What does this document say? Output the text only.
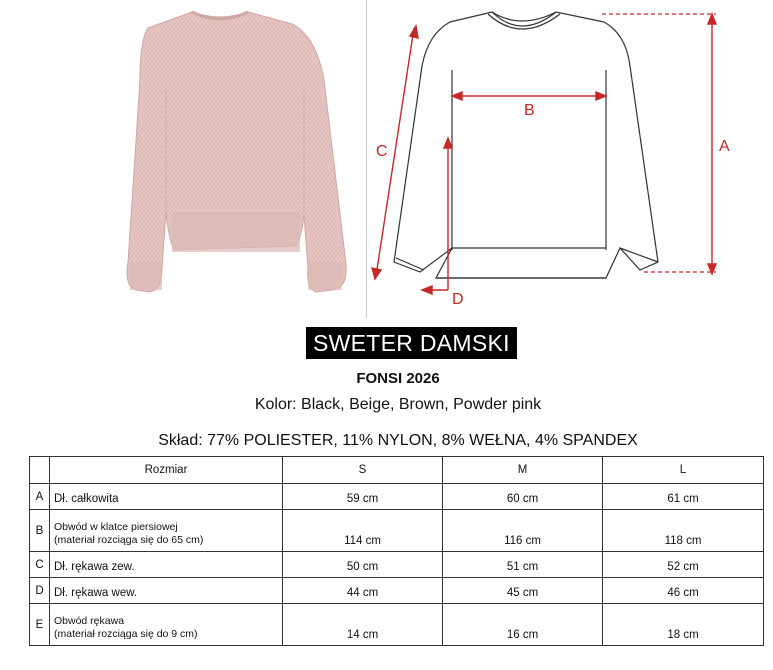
A
B
C
D
SWETER DAMSKI
FONSI 2026
Kolor: Black, Beige, Brown, Powder pink
Skład: 77% POLIESTER, 11% NYLON, 8% WEŁNA, 4% SPANDEX
	Rozmiar	S	M	L
A	Dł. całkowita	59 cm	60 cm	61 cm
B	Obwód w klatce piersiowej
(materiał rozciąga się do 65 cm)	114 cm	116 cm	118 cm
C	Dł. rękawa zew.	50 cm	51 cm	52 cm
D	Dł. rękawa wew.	44 cm	45 cm	46 cm
E	Obwód rękawa
(materiał rozciąga się do 9 cm)	14 cm	16 cm	18 cm
